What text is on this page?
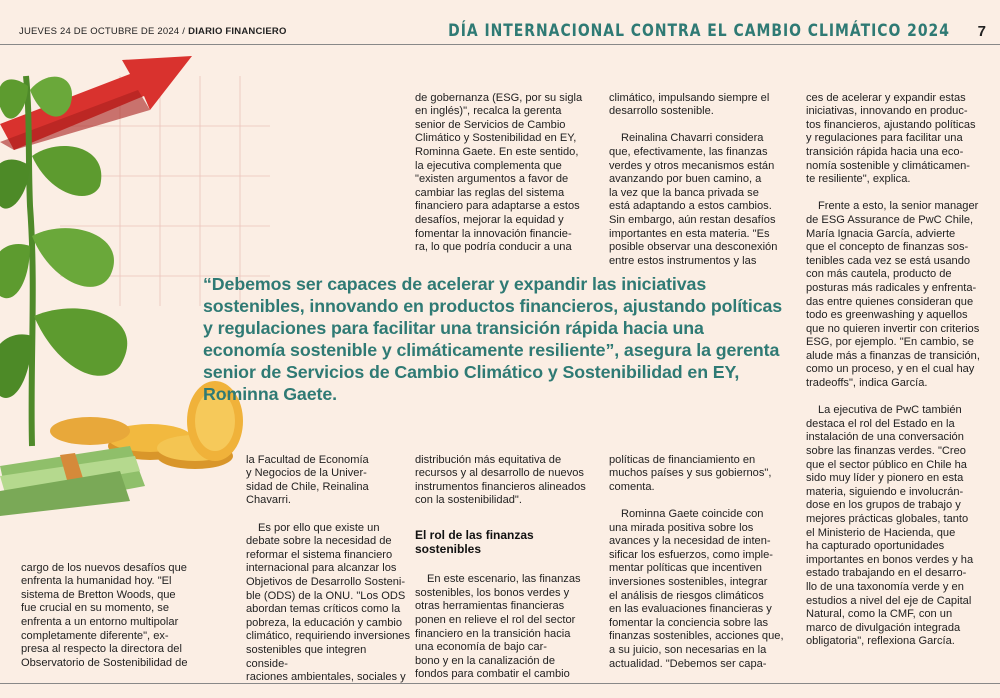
JUEVES 24 DE OCTUBRE DE 2024 / DIARIO FINANCIERO	DÍA INTERNACIONAL CONTRA EL CAMBIO CLIMÁTICO 2024 7

de gobernanza (ESG, por su sigla
en inglés)", recalca la gerenta
senior de Servicios de Cambio
Climático y Sostenibilidad en EY,
Rominna Gaete. En este sentido,
la ejecutiva complementa que
"existen argumentos a favor de
cambiar las reglas del sistema
financiero para adaptarse a estos
desafíos, mejorar la equidad y
fomentar la innovación financie-
ra, lo que podría conducir a una

climático, impulsando siempre el
desarrollo sostenible.

Reinalina Chavarri considera
que, efectivamente, las finanzas
verdes y otros mecanismos están
avanzando por buen camino, a
la vez que la banca privada se
está adaptando a estos cambios.
Sin embargo, aún restan desafíos
importantes en esta materia. "Es
posible observar una desconexión
entre estos instrumentos y las

ces de acelerar y expandir estas
iniciativas, innovando en produc-
tos financieros, ajustando políticas
y regulaciones para facilitar una
transición rápida hacia una eco-
nomía sostenible y climáticamen-
te resiliente", explica.

Frente a esto, la senior manager
de ESG Assurance de PwC Chile,
María Ignacia García, advierte
que el concepto de finanzas sos-
tenibles cada vez se está usando
con más cautela, producto de
posturas más radicales y enfrenta-
das entre quienes consideran que
todo es greenwashing y aquellos
que no quieren invertir con criterios
ESG, por ejemplo. "En cambio, se
alude más a finanzas de transición,
como un proceso, y en el cual hay
tradeoffs", indica García.

La ejecutiva de PwC también
destaca el rol del Estado en la
instalación de una conversación
sobre las finanzas verdes. "Creo
que el sector público en Chile ha
sido muy líder y pionero en esta
materia, siguiendo e involucrán-
dose en los grupos de trabajo y
mejores prácticas globales, tanto
el Ministerio de Hacienda, que
ha capturado oportunidades
importantes en bonos verdes y ha
estado trabajando en el desarro-
llo de una taxonomía verde y en
estudios a nivel del eje de Capital
Natural, como la CMF, con un
marco de divulgación integrada
obligatoria", reflexiona García.

“Debemos ser capaces de acelerar y expandir las iniciativas sostenibles, innovando en productos financieros, ajustando políticas y regulaciones para facilitar una transición rápida hacia una economía sostenible y climáticamente resiliente”, asegura la gerenta senior de Servicios de Cambio Climático y Sostenibilidad en EY, Rominna Gaete.

cargo de los nuevos desafíos que
enfrenta la humanidad hoy. "El
sistema de Bretton Woods, que
fue crucial en su momento, se
enfrenta a un entorno multipolar
completamente diferente", ex-
presa al respecto la directora del
Observatorio de Sostenibilidad de

la Facultad de Economía
y Negocios de la Univer-
sidad de Chile, Reinalina
Chavarri.

Es por ello que existe un
debate sobre la necesidad de
reformar el sistema financiero
internacional para alcanzar los
Objetivos de Desarrollo Sosteni-
ble (ODS) de la ONU. "Los ODS
abordan temas críticos como la
pobreza, la educación y cambio
climático, requiriendo inversiones
sostenibles que integren conside-
raciones ambientales, sociales y

distribución más equitativa de
recursos y al desarrollo de nuevos
instrumentos financieros alineados
con la sostenibilidad".

El rol de las finanzas
sostenibles

En este escenario, las finanzas
sostenibles, los bonos verdes y
otras herramientas financieras
ponen en relieve el rol del sector
financiero en la transición hacia
una economía de bajo car-
bono y en la canalización de
fondos para combatir el cambio

políticas de financiamiento en
muchos países y sus gobiernos",
comenta.

Rominna Gaete coincide con
una mirada positiva sobre los
avances y la necesidad de inten-
sificar los esfuerzos, como imple-
mentar políticas que incentiven
inversiones sostenibles, integrar
el análisis de riesgos climáticos
en las evaluaciones financieras y
fomentar la conciencia sobre las
finanzas sostenibles, acciones que,
a su juicio, son necesarias en la
actualidad. "Debemos ser capa-
